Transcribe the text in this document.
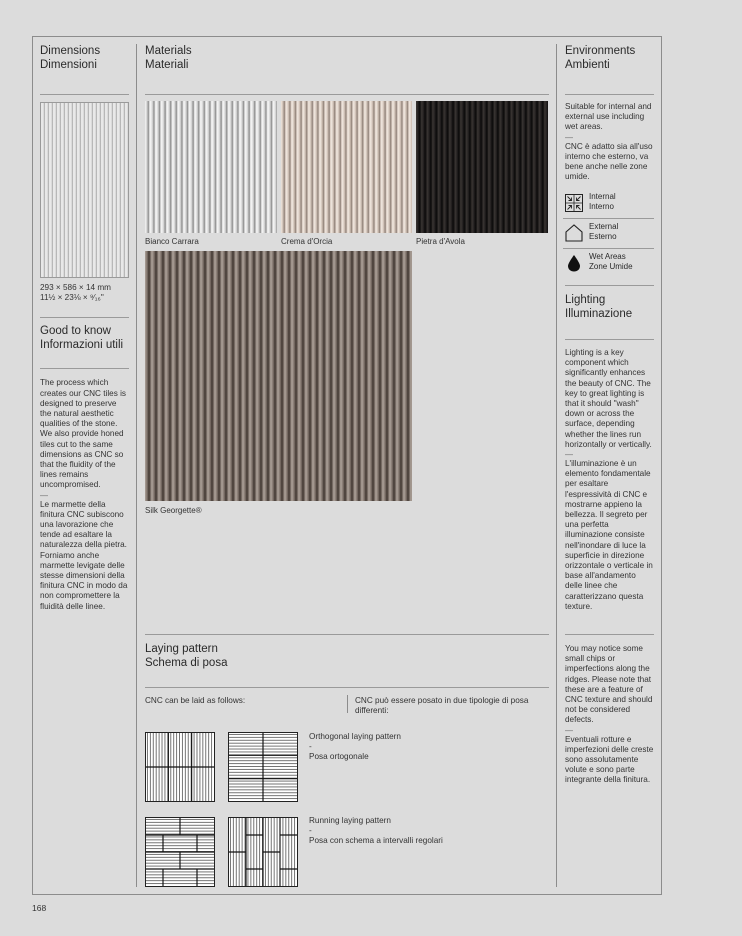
Dimensions
Dimensioni
293 × 586 × 14 mm
11½ × 23⅛ × ⁹⁄₁₆"
Good to know
Informazioni utili
The process which creates our CNC tiles is designed to preserve the natural aesthetic qualities of the stone. We also provide honed tiles cut to the same dimensions as CNC so that the fluidity of the lines remains uncompromised.
—
Le marmette della finitura CNC subiscono una lavorazione che tende ad esaltare la naturalezza della pietra. Forniamo anche marmette levigate delle stesse dimensioni della finitura CNC in modo da non compromettere la fluidità delle linee.
Materials
Materiali
Bianco Carrara	Crema d'Orcia	Pietra d'Avola
Silk Georgette®
Laying pattern
Schema di posa
CNC can be laid as follows:	CNC può essere posato in due tipologie di posa differenti:
Orthogonal laying pattern
-
Posa ortogonale
Running laying pattern
-
Posa con schema a intervalli regolari
Environments
Ambienti
Suitable for internal and external use including wet areas.
—
CNC è adatto sia all'uso interno che esterno, va bene anche nelle zone umide.
Internal
Interno
External
Esterno
Wet Areas
Zone Umide
Lighting
Illuminazione
Lighting is a key component which significantly enhances the beauty of CNC. The key to great lighting is that it should "wash" down or across the surface, depending whether the lines run horizontally or vertically.
—
L'illuminazione è un elemento fondamentale per esaltare l'espressività di CNC e mostrarne appieno la bellezza. Il segreto per una perfetta illuminazione consiste nell'inondare di luce la superficie in direzione orizzontale o verticale in base all'andamento delle linee che caratterizzano questa texture.
You may notice some small chips or imperfections along the ridges. Please note that these are a feature of CNC texture and should not be considered defects.
—
Eventuali rotture e imperfezioni delle creste sono assolutamente volute e sono parte integrante della finitura.
168
